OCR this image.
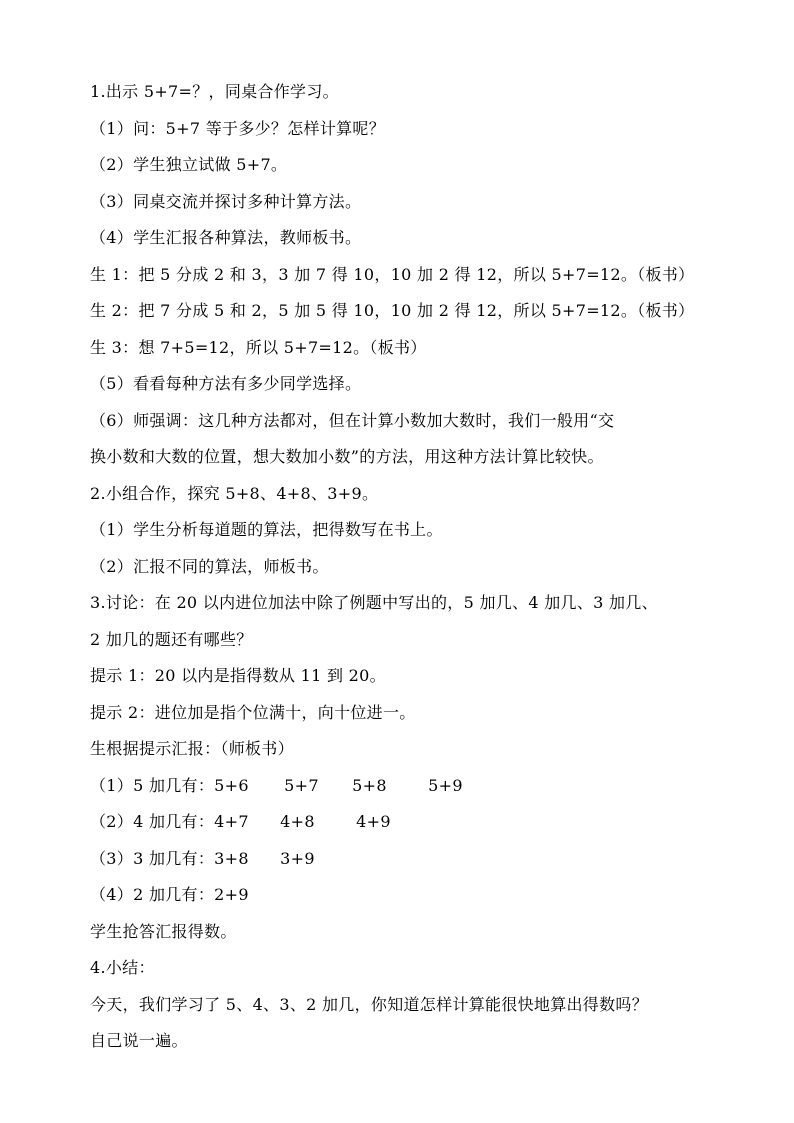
1.出示 5+7=？，同桌合作学习。
（1）问：5+7 等于多少？怎样计算呢？
（2）学生独立试做 5+7。
（3）同桌交流并探讨多种计算方法。
（4）学生汇报各种算法，教师板书。
生 1：把 5 分成 2 和 3，3 加 7 得 10，10 加 2 得 12，所以 5+7=12。（板书）
生 2：把 7 分成 5 和 2，5 加 5 得 10，10 加 2 得 12，所以 5+7=12。（板书）
生 3：想 7+5=12，所以 5+7=12。（板书）
（5）看看每种方法有多少同学选择。
（6）师强调：这几种方法都对，但在计算小数加大数时，我们一般用“交
换小数和大数的位置，想大数加小数”的方法，用这种方法计算比较快。
2.小组合作，探究 5+8、4+8、3+9。
（1）学生分析每道题的算法，把得数写在书上。
（2）汇报不同的算法，师板书。
3.讨论：在 20 以内进位加法中除了例题中写出的，5 加几、4 加几、3 加几、
2 加几的题还有哪些？
提示 1：20 以内是指得数从 11 到 20。
提示 2：进位加是指个位满十，向十位进一。
生根据提示汇报：（师板书）
（1）5 加几有：5+6 5+7 5+8	5+9
（2）4 加几有：4+7 4+8	4+9
（3）3 加几有：3+8 3+9
（4）2 加几有：2+9
学生抢答汇报得数。
4.小结：
今天，我们学习了 5、4、3、2 加几，你知道怎样计算能很快地算出得数吗？
自己说一遍。
